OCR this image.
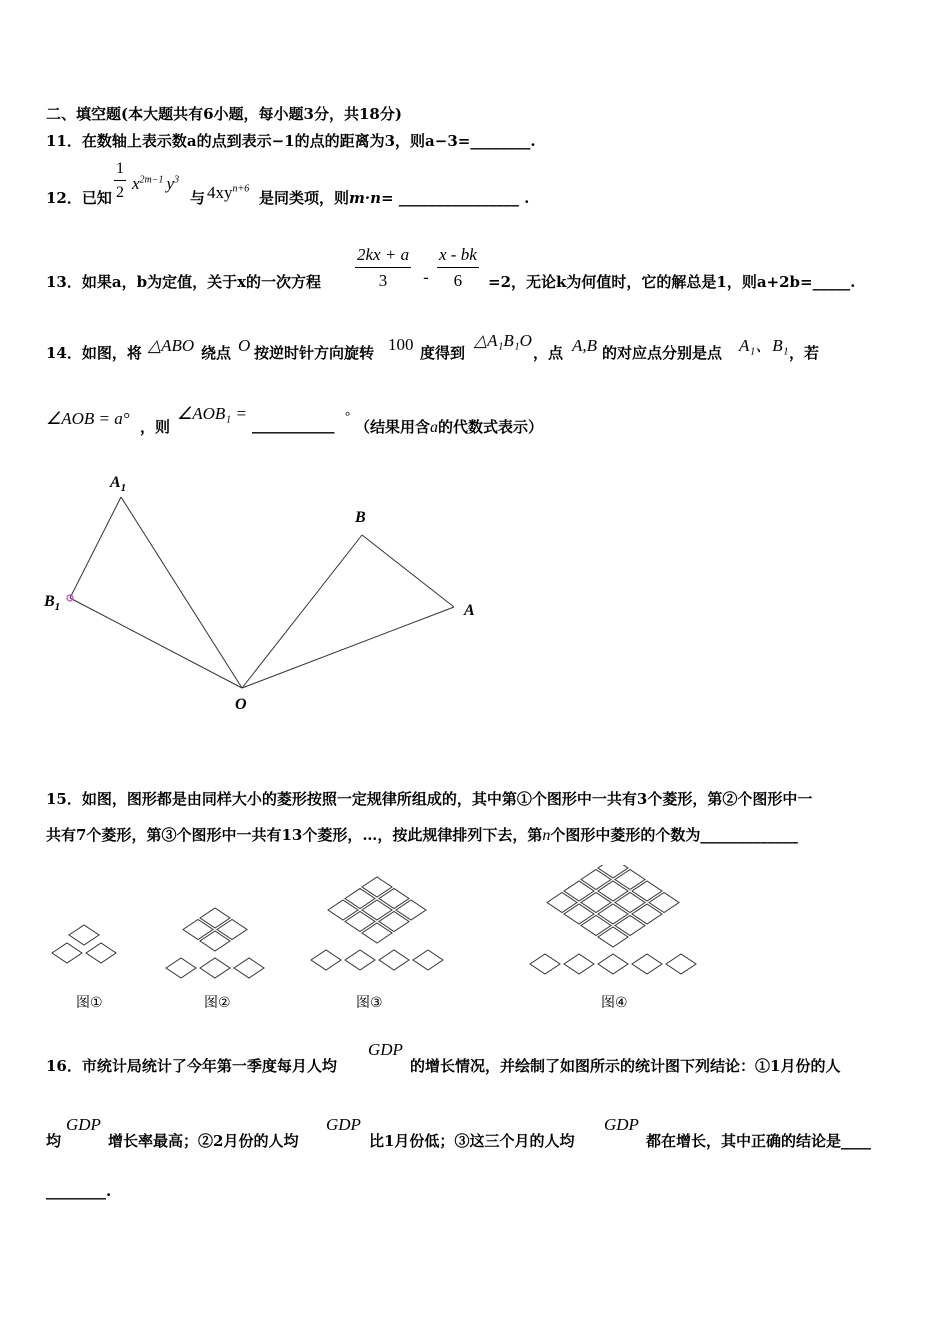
二、填空题(本大题共有6小题，每小题3分，共18分)
11．在数轴上表示数a的点到表示−1的点的距离为3，则a−3=________.
12．已知 $\frac{1}{2} x^{2m-1}$ $y^3$
与 $4xy^{n+6}$
是同类项，则m·n= ________________ .
13．如果a，b为定值，关于x的一次方程 $\frac{2kx + a}{3} - \frac{x - bk}{6} =2$，无论k为何值时，它的解总是1，则a+2b=_____.
14．如图，将 △ABO 绕点 O 按逆时针方向旋转 100 度得到
△A₁B₁O
，点 A,B 的对应点分别是点 A₁、B₁ ，若
∠AOB = a° ，则
∠AOB₁ =
___________
°
（结果用含a的代数式表示）
$A_1$
$B_1$
B
A
O
15．如图，图形都是由同样大小的菱形按照一定规律所组成的，其中第①个图形中一共有3个菱形，第②个图形中一
共有7个菱形，第③个图形中一共有13个菱形，…，按此规律排列下去，第n个图形中菱形的个数为_____________
图①	图②	图③	图④
16．市统计局统计了今年第一季度每月人均
GDP
的增长情况，并绘制了如图所示的统计图下列结论：①1月份的人
均
GDP
增长率最高；②2月份的人均
GDP
比1月份低；③这三个月的人均
GDP
都在增长，其中正确的结论是____
________.
